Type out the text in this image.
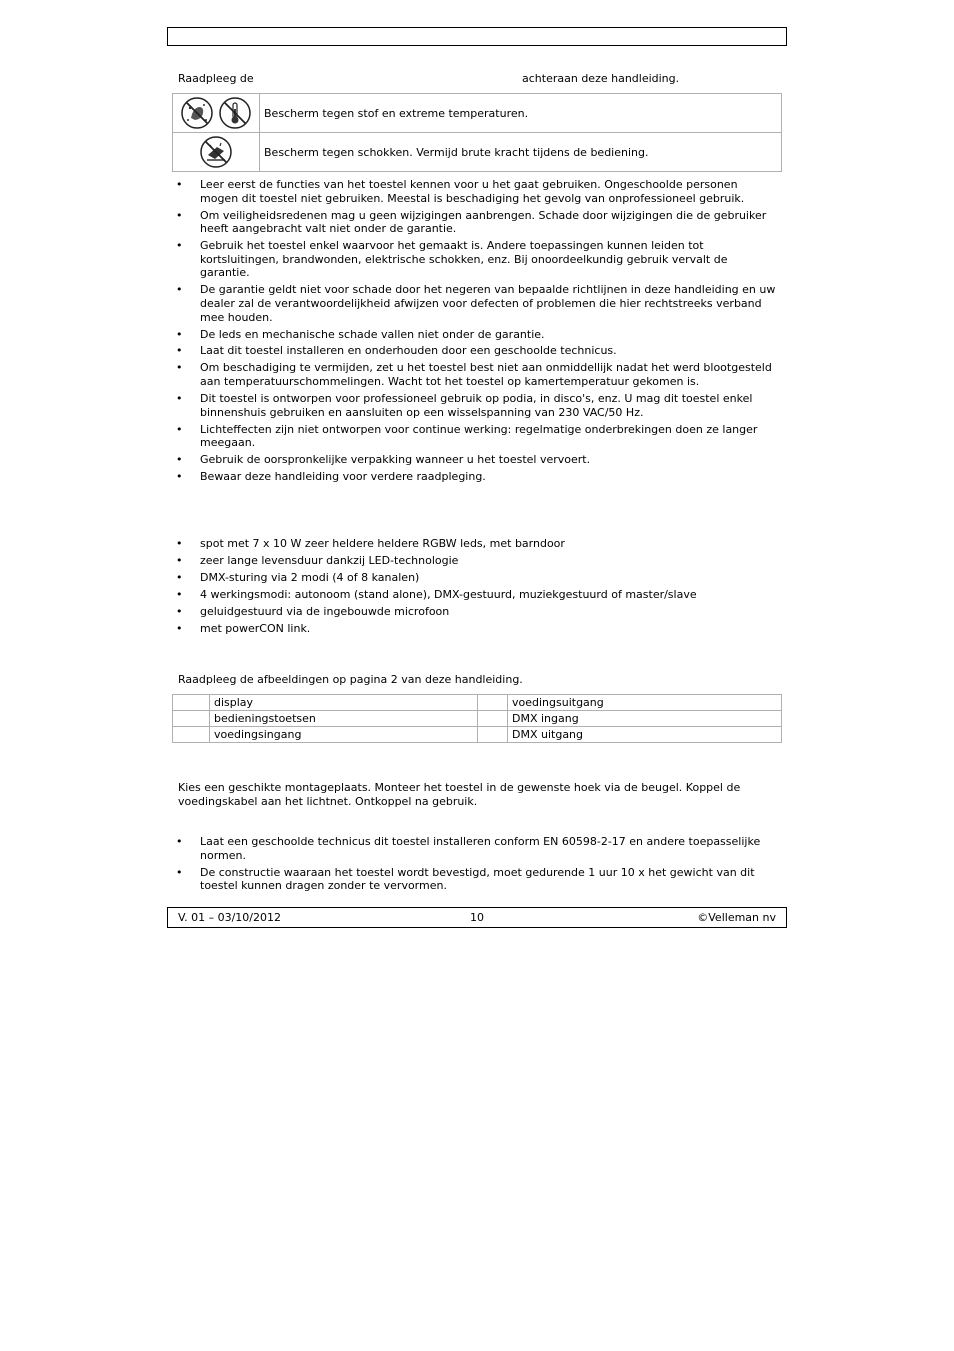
Raadpleeg de	achteraan deze handleiding.
	Bescherm tegen stof en extreme temperaturen.
	Bescherm tegen schokken. Vermijd brute kracht tijdens de bediening.
• Leer eerst de functies van het toestel kennen voor u het gaat gebruiken. Ongeschoolde personen mogen dit toestel niet gebruiken. Meestal is beschadiging het gevolg van onprofessioneel gebruik.
• Om veiligheidsredenen mag u geen wijzigingen aanbrengen. Schade door wijzigingen die de gebruiker heeft aangebracht valt niet onder de garantie.
• Gebruik het toestel enkel waarvoor het gemaakt is. Andere toepassingen kunnen leiden tot kortsluitingen, brandwonden, elektrische schokken, enz. Bij onoordeelkundig gebruik vervalt de garantie.
• De garantie geldt niet voor schade door het negeren van bepaalde richtlijnen in deze handleiding en uw dealer zal de verantwoordelijkheid afwijzen voor defecten of problemen die hier rechtstreeks verband mee houden.
• De leds en mechanische schade vallen niet onder de garantie.
• Laat dit toestel installeren en onderhouden door een geschoolde technicus.
• Om beschadiging te vermijden, zet u het toestel best niet aan onmiddellijk nadat het werd blootgesteld aan temperatuurschommelingen. Wacht tot het toestel op kamertemperatuur gekomen is.
• Dit toestel is ontworpen voor professioneel gebruik op podia, in disco's, enz. U mag dit toestel enkel binnenshuis gebruiken en aansluiten op een wisselspanning van 230 VAC/50 Hz.
• Lichteffecten zijn niet ontworpen voor continue werking: regelmatige onderbrekingen doen ze langer meegaan.
• Gebruik de oorspronkelijke verpakking wanneer u het toestel vervoert.
• Bewaar deze handleiding voor verdere raadpleging.
• spot met 7 x 10 W zeer heldere heldere RGBW leds, met barndoor
• zeer lange levensduur dankzij LED-technologie
• DMX-sturing via 2 modi (4 of 8 kanalen)
• 4 werkingsmodi: autonoom (stand alone), DMX-gestuurd, muziekgestuurd of master/slave
• geluidgestuurd via de ingebouwde microfoon
• met powerCON link.
Raadpleeg de afbeeldingen op pagina 2 van deze handleiding.
	display		voedingsuitgang
	bedieningstoetsen		DMX ingang
	voedingsingang		DMX uitgang
Kies een geschikte montageplaats. Monteer het toestel in de gewenste hoek via de beugel. Koppel de voedingskabel aan het lichtnet. Ontkoppel na gebruik.
• Laat een geschoolde technicus dit toestel installeren conform EN 60598-2-17 en andere toepasselijke normen.
• De constructie waaraan het toestel wordt bevestigd, moet gedurende 1 uur 10 x het gewicht van dit toestel kunnen dragen zonder te vervormen.
V. 01 – 03/10/2012	10	©Velleman nv
